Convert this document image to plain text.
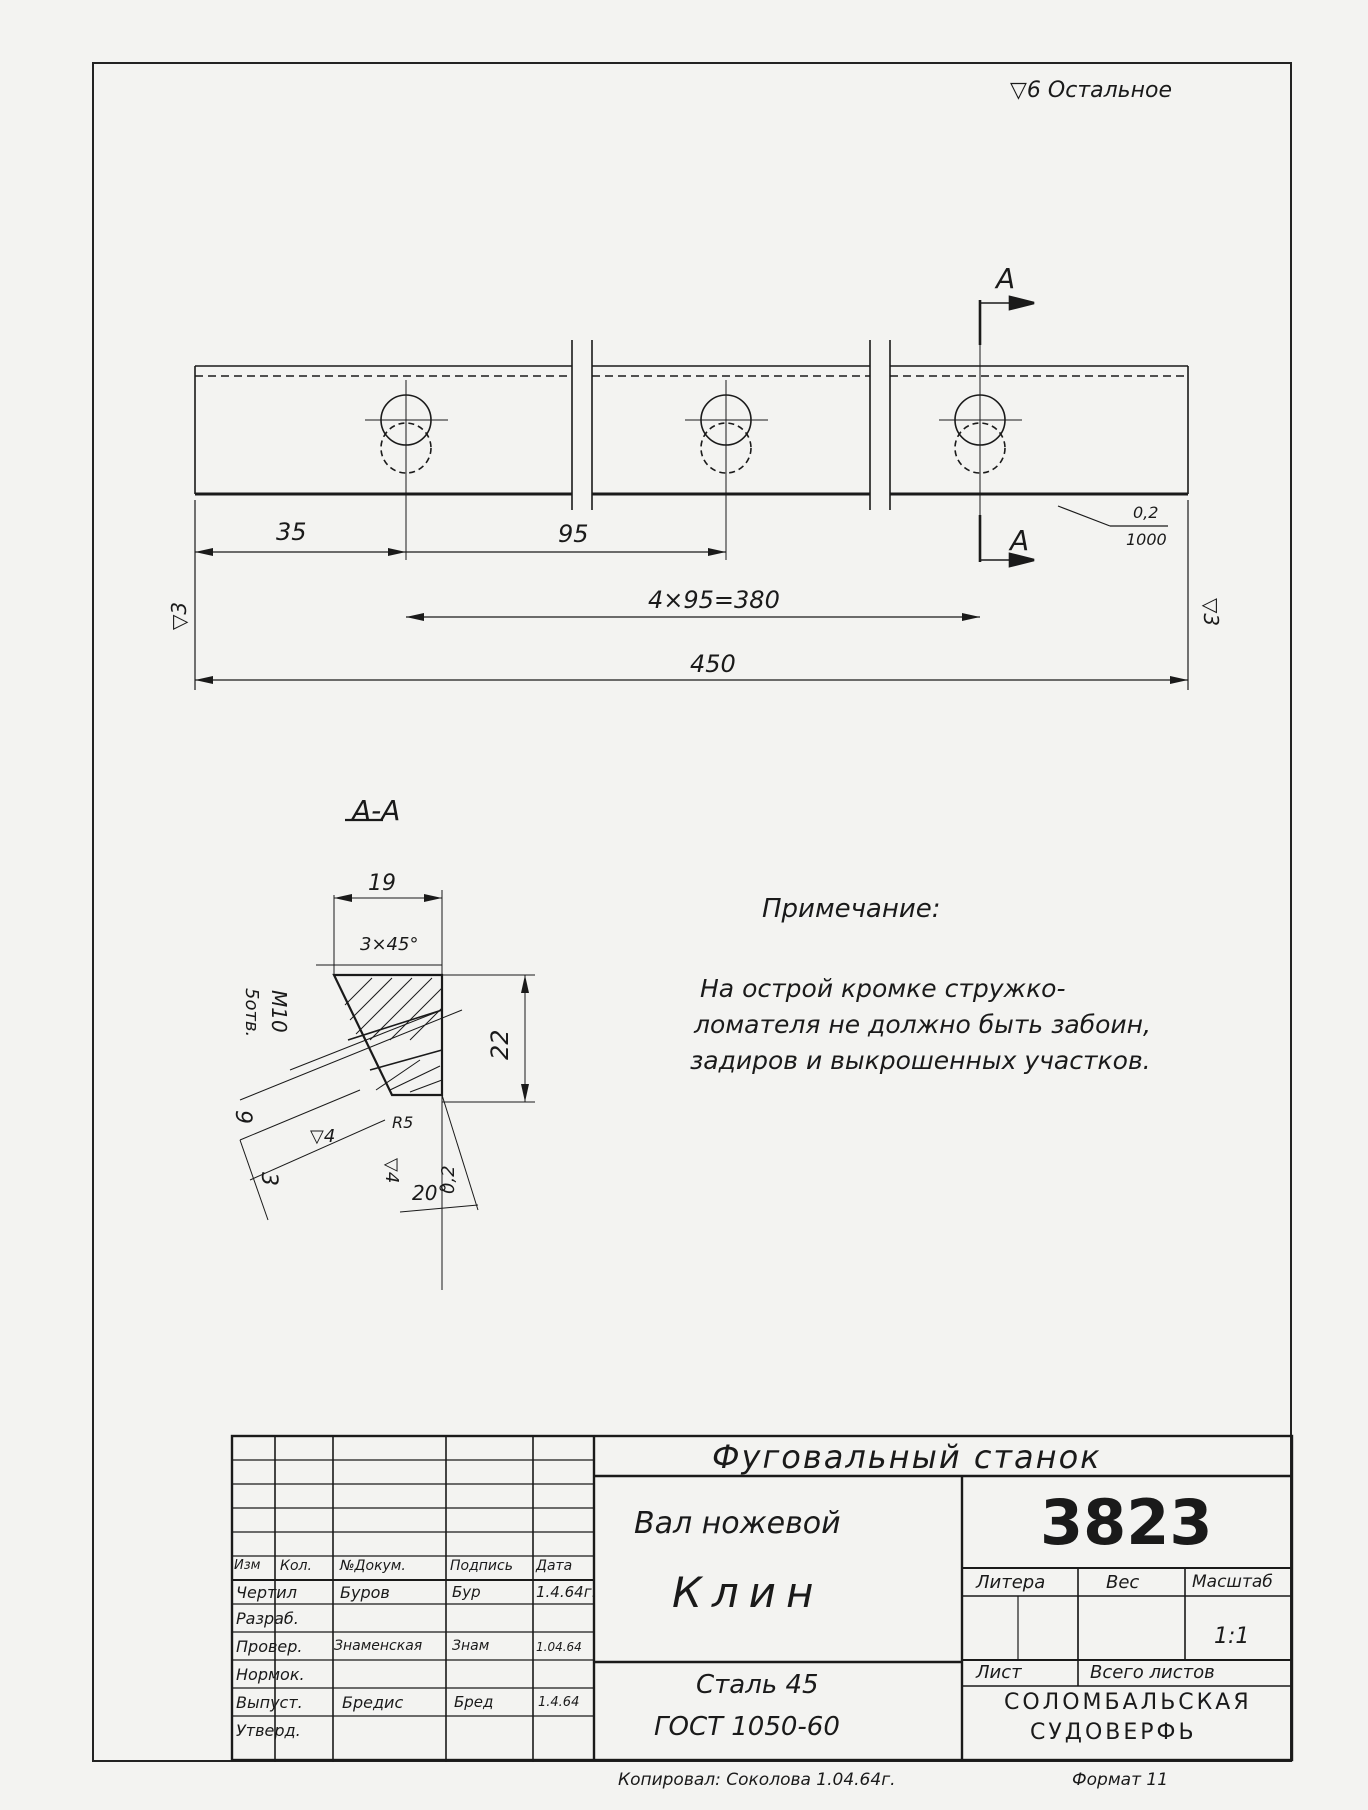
▽6 Остальное
35	95
4×95=380
450
А
А
0,2
1000
▽3	▽3
А-А
19
3×45°
22
М10
5отв.
9
3
▽4
▽4
R5
20°
0,2
Примечание:
На острой кромке стружко-
ломателя не должно быть забоин,
задиров и выкрошенных участков.
Фуговальный станок
Вал ножевой
Клин
Сталь 45
ГОСТ 1050-60
3823
Литера	Вес	Масштаб
1:1
Лист	Всего листов
СОЛОМБАЛЬСКАЯ
СУДОВЕРФЬ
Изм Кол. №Докум.	Подпись Дата
Чертил	Буров	Бур	1.4.64г.
Разраб.
Провер. Знаменская Знам	1.04.64
Нормок.
Выпуст. Бредис	Бред	1.4.64
Утверд.
Копировал: Соколова 1.04.64г.	Формат 11
